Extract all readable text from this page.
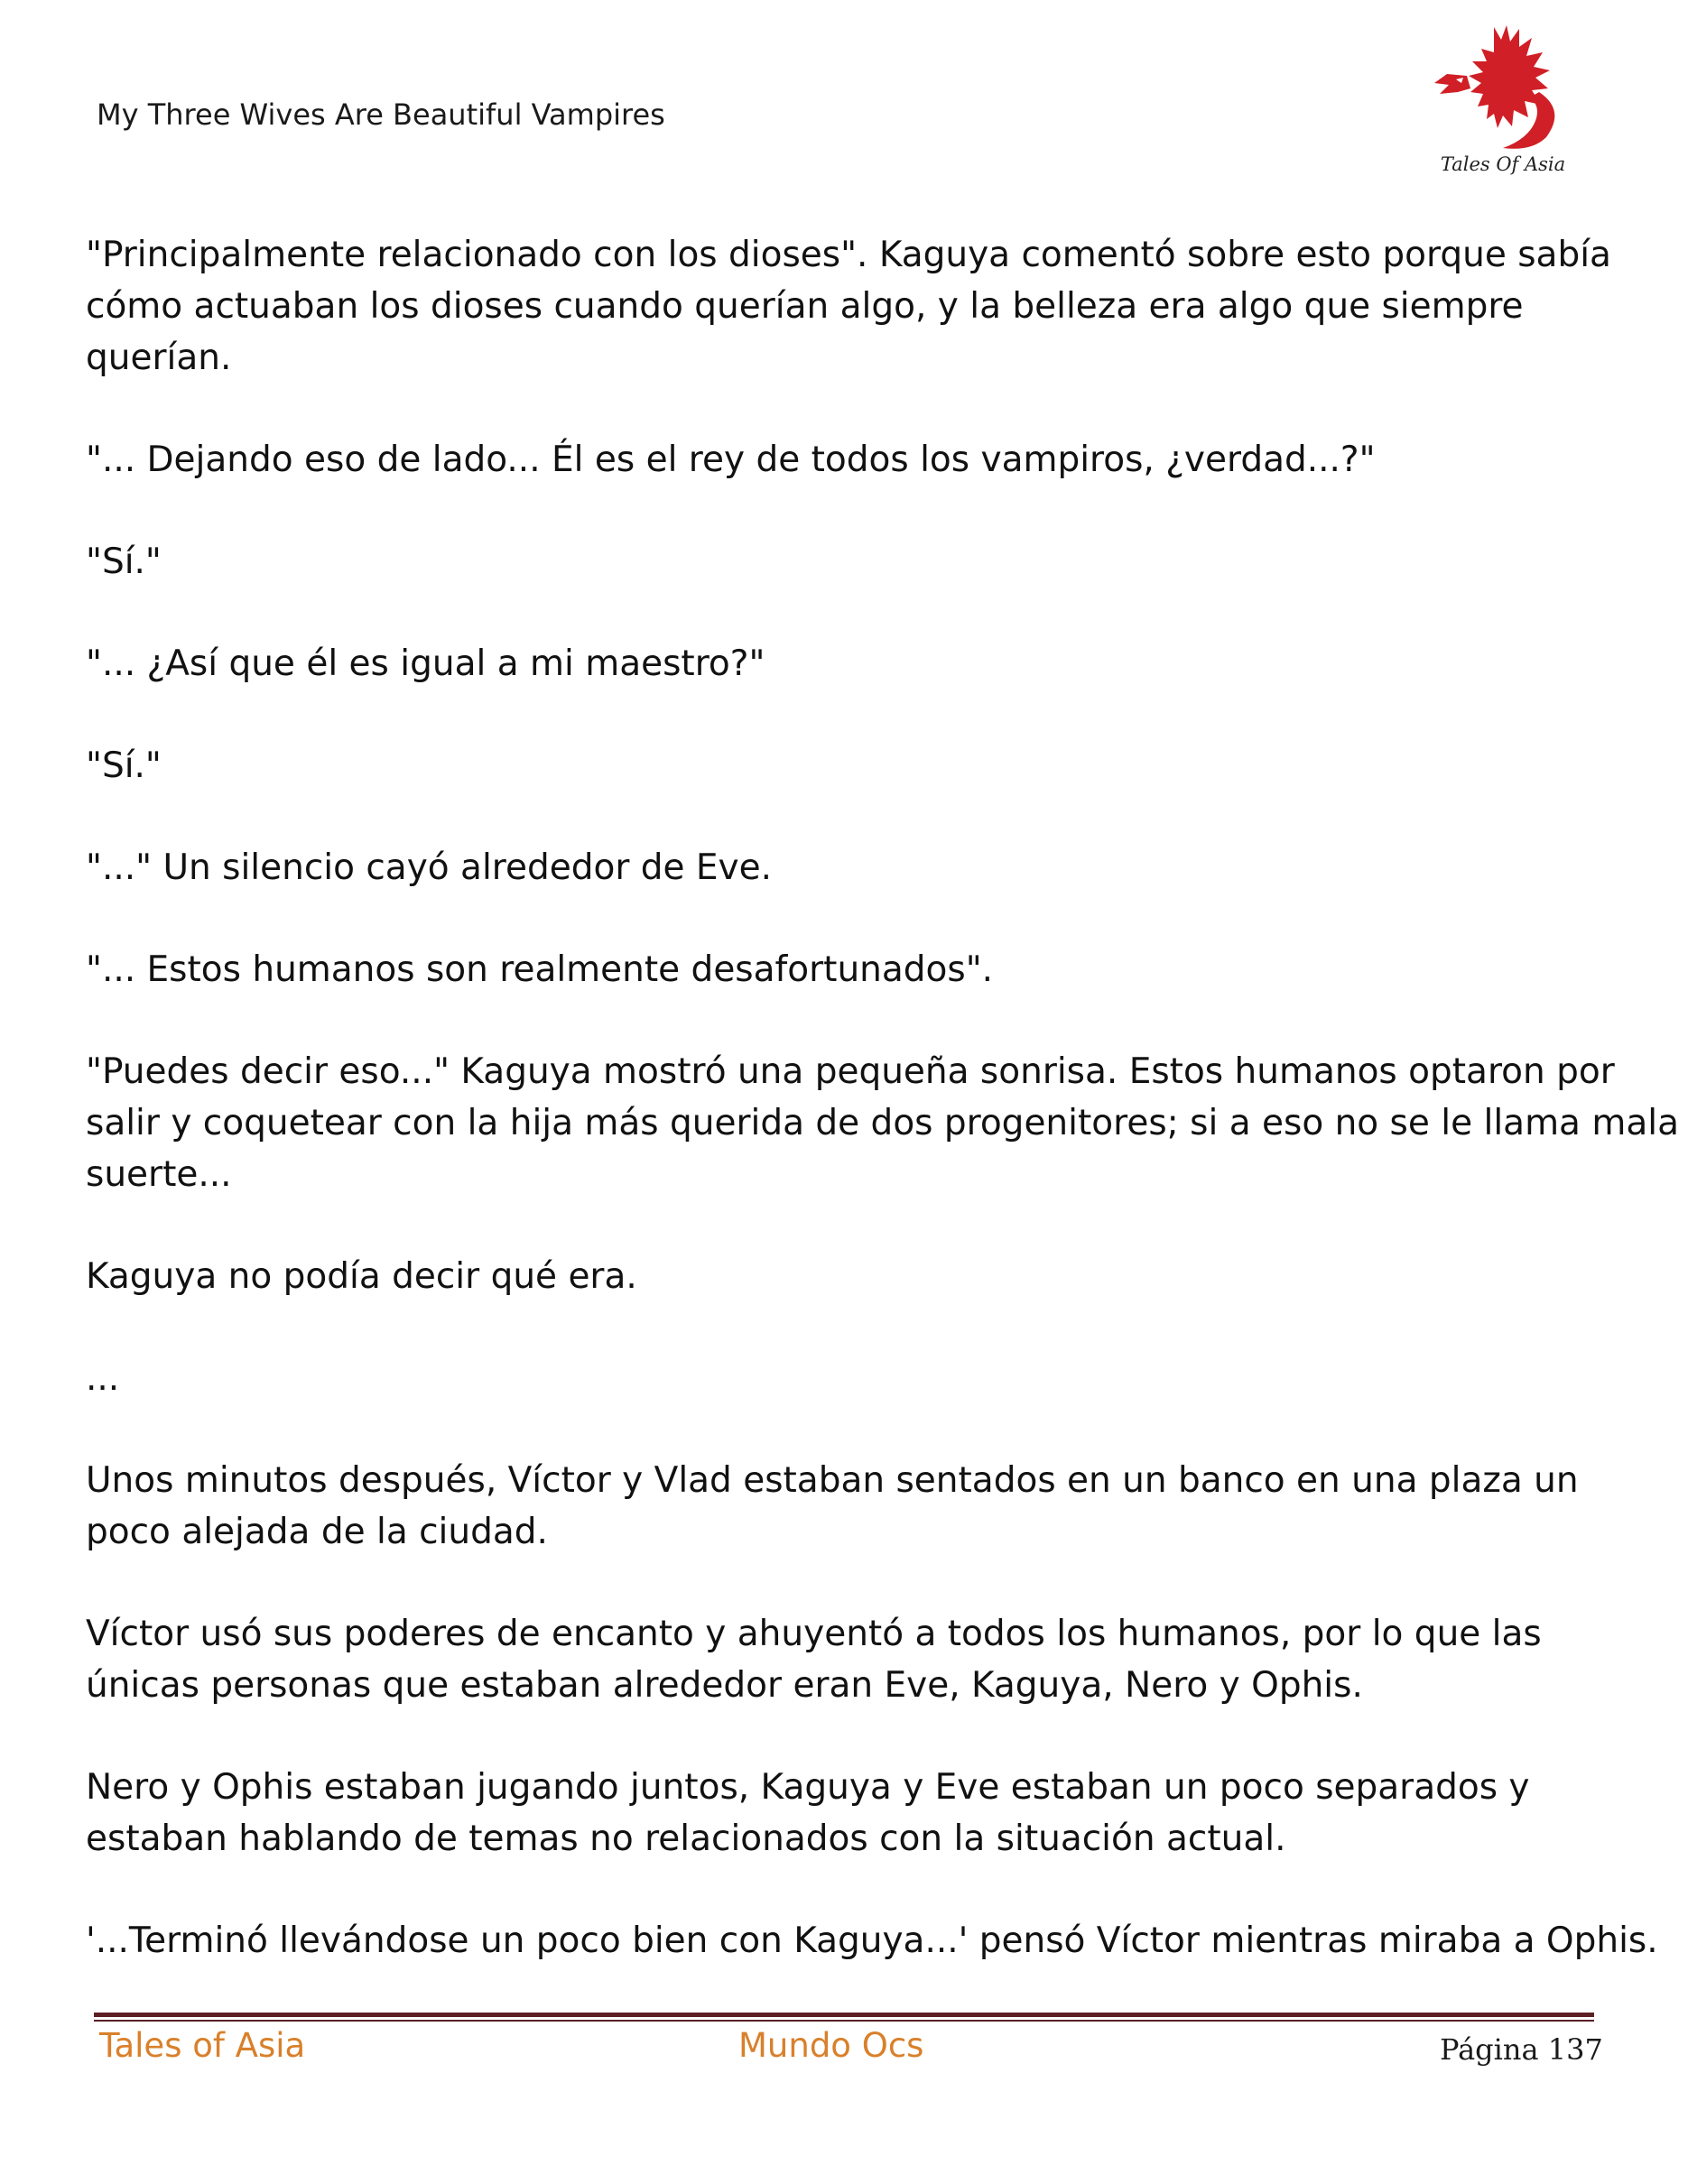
My Three Wives Are Beautiful Vampires
Tales Of Asia

"Principalmente relacionado con los dioses". Kaguya comentó sobre esto porque sabía
cómo actuaban los dioses cuando querían algo, y la belleza era algo que siempre
querían.

"... Dejando eso de lado... Él es el rey de todos los vampiros, ¿verdad...?"

"Sí."

"... ¿Así que él es igual a mi maestro?"

"Sí."

"..." Un silencio cayó alrededor de Eve.

"... Estos humanos son realmente desafortunados".

"Puedes decir eso..." Kaguya mostró una pequeña sonrisa. Estos humanos optaron por
salir y coquetear con la hija más querida de dos progenitores; si a eso no se le llama mala
suerte...

Kaguya no podía decir qué era.

...

Unos minutos después, Víctor y Vlad estaban sentados en un banco en una plaza un
poco alejada de la ciudad.

Víctor usó sus poderes de encanto y ahuyentó a todos los humanos, por lo que las
únicas personas que estaban alrededor eran Eve, Kaguya, Nero y Ophis.

Nero y Ophis estaban jugando juntos, Kaguya y Eve estaban un poco separados y
estaban hablando de temas no relacionados con la situación actual.

'...Terminó llevándose un poco bien con Kaguya...' pensó Víctor mientras miraba a Ophis.

Tales of Asia	Mundo Ocs	Página 137
